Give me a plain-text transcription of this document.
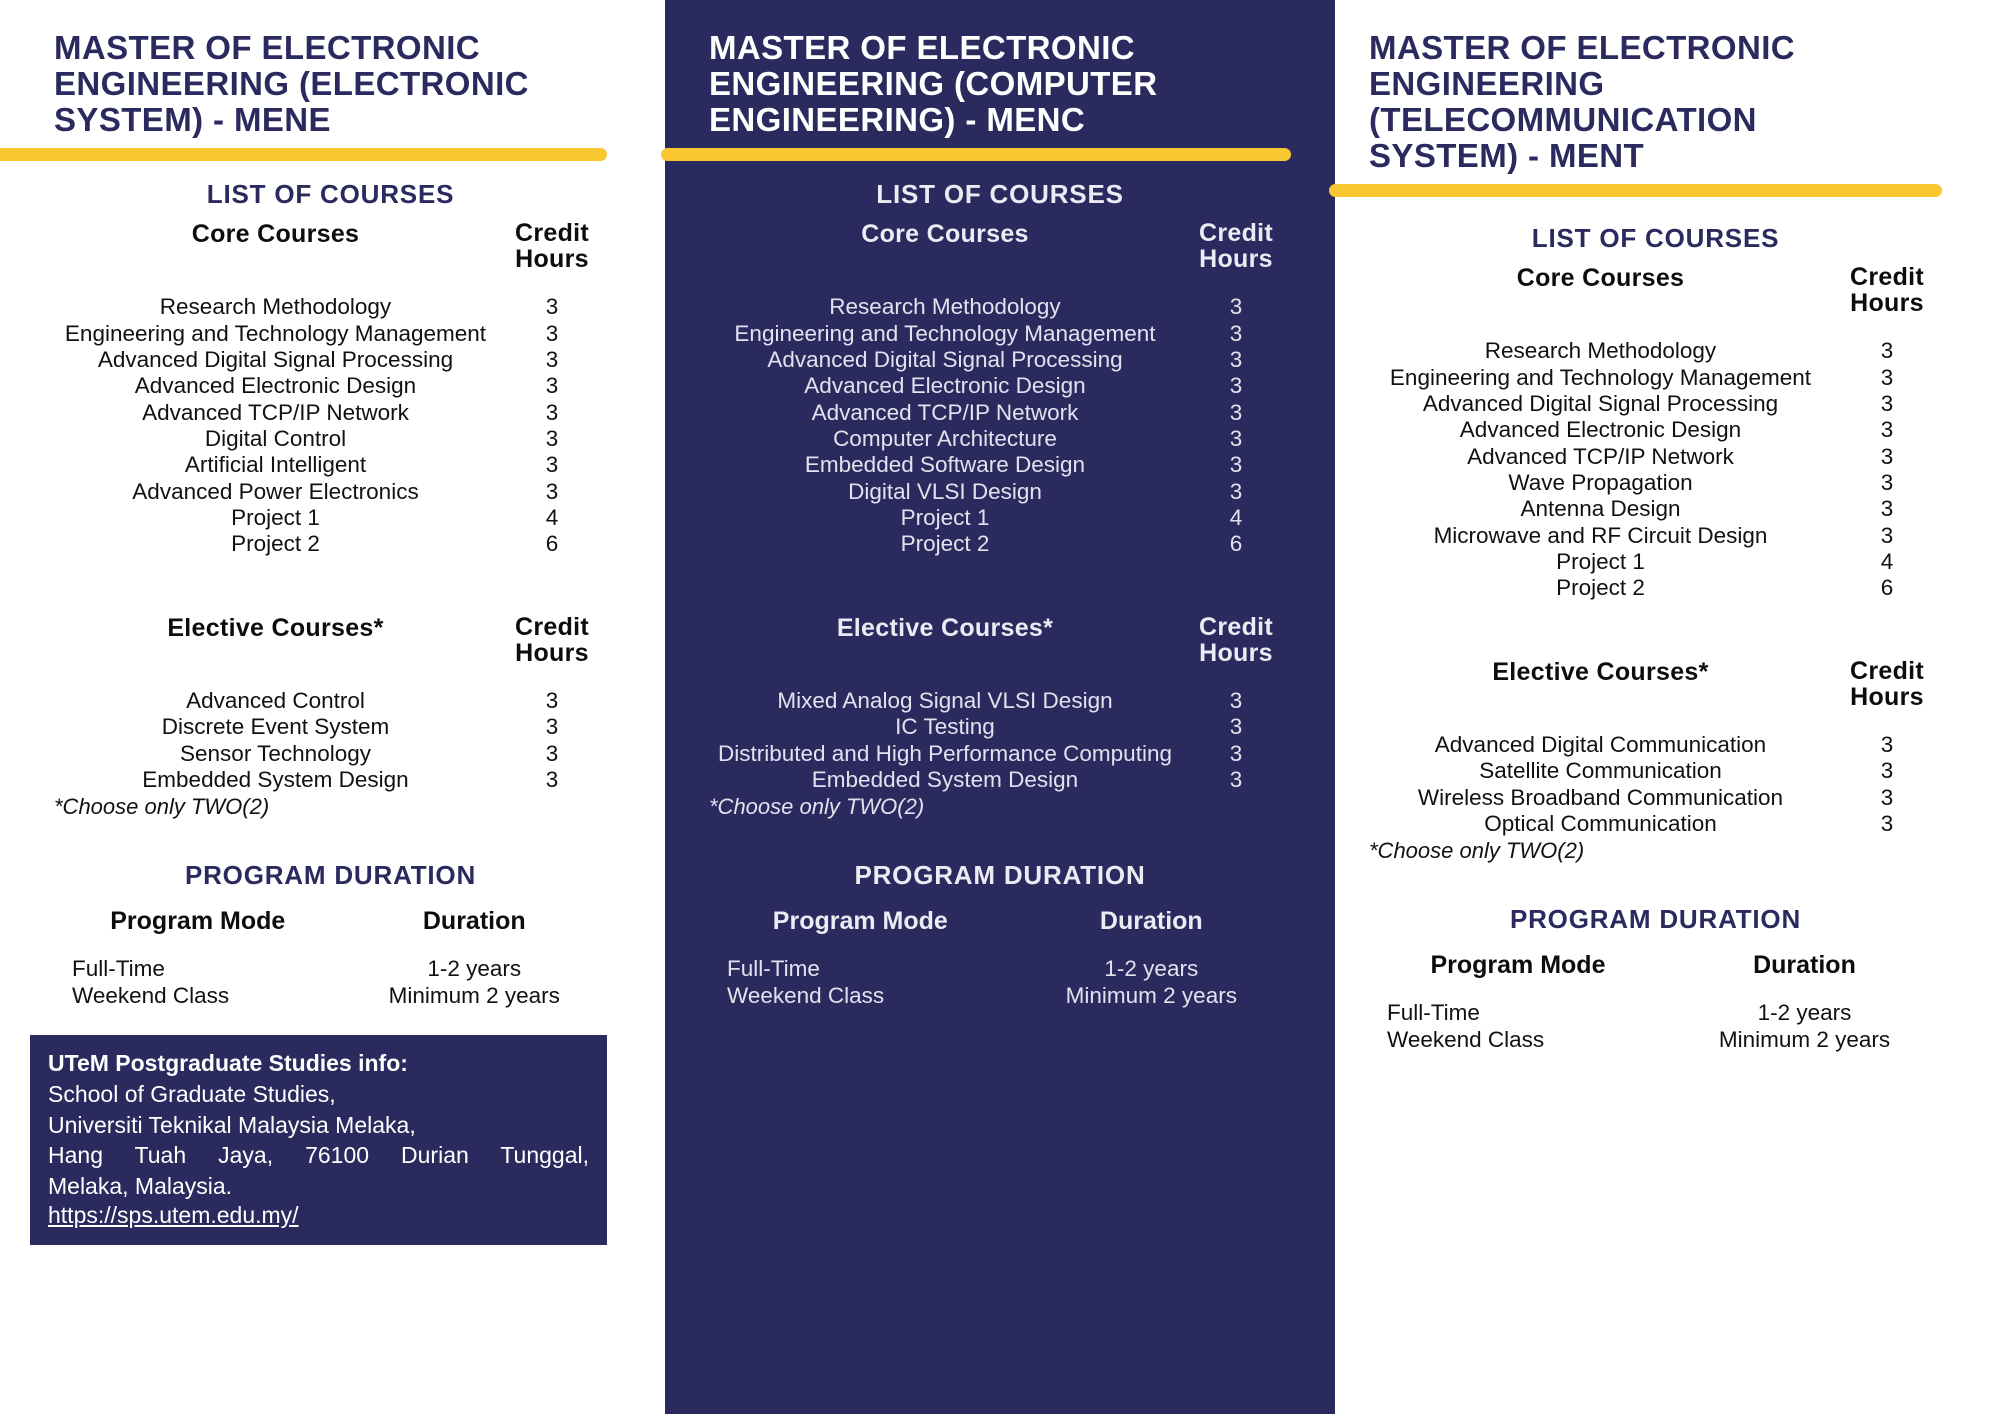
MASTER OF ELECTRONIC
ENGINEERING (ELECTRONIC
SYSTEM) - MENE
LIST OF COURSES
Core Courses	Credit
Hours
Research Methodology	3
Engineering and Technology Management	3
Advanced Digital Signal Processing	3
Advanced Electronic Design	3
Advanced TCP/IP Network	3
Digital Control	3
Artificial Intelligent	3
Advanced Power Electronics	3
Project 1	4
Project 2	6
Elective Courses*	Credit
Hours
Advanced Control	3
Discrete Event System	3
Sensor Technology	3
Embedded System Design	3
*Choose only TWO(2)
PROGRAM DURATION
Program Mode	Duration
Full-Time	1-2 years
Weekend Class	Minimum 2 years
UTeM Postgraduate Studies info:
School of Graduate Studies,
Universiti Teknikal Malaysia Melaka,
Hang Tuah Jaya, 76100 Durian Tunggal,
Melaka, Malaysia.
https://sps.utem.edu.my/
MASTER OF ELECTRONIC
ENGINEERING (COMPUTER
ENGINEERING) - MENC
LIST OF COURSES
Core Courses	Credit
Hours
Research Methodology	3
Engineering and Technology Management	3
Advanced Digital Signal Processing	3
Advanced Electronic Design	3
Advanced TCP/IP Network	3
Computer Architecture	3
Embedded Software Design	3
Digital VLSI Design	3
Project 1	4
Project 2	6
Elective Courses*	Credit
Hours
Mixed Analog Signal VLSI Design	3
IC Testing	3
Distributed and High Performance Computing	3
Embedded System Design	3
*Choose only TWO(2)
PROGRAM DURATION
Program Mode	Duration
Full-Time	1-2 years
Weekend Class	Minimum 2 years
MASTER OF ELECTRONIC
ENGINEERING
(TELECOMMUNICATION
SYSTEM) - MENT
LIST OF COURSES
Core Courses	Credit
Hours
Research Methodology	3
Engineering and Technology Management	3
Advanced Digital Signal Processing	3
Advanced Electronic Design	3
Advanced TCP/IP Network	3
Wave Propagation	3
Antenna Design	3
Microwave and RF Circuit Design	3
Project 1	4
Project 2	6
Elective Courses*	Credit
Hours
Advanced Digital Communication	3
Satellite Communication	3
Wireless Broadband Communication	3
Optical Communication	3
*Choose only TWO(2)
PROGRAM DURATION
Program Mode	Duration
Full-Time	1-2 years
Weekend Class	Minimum 2 years
